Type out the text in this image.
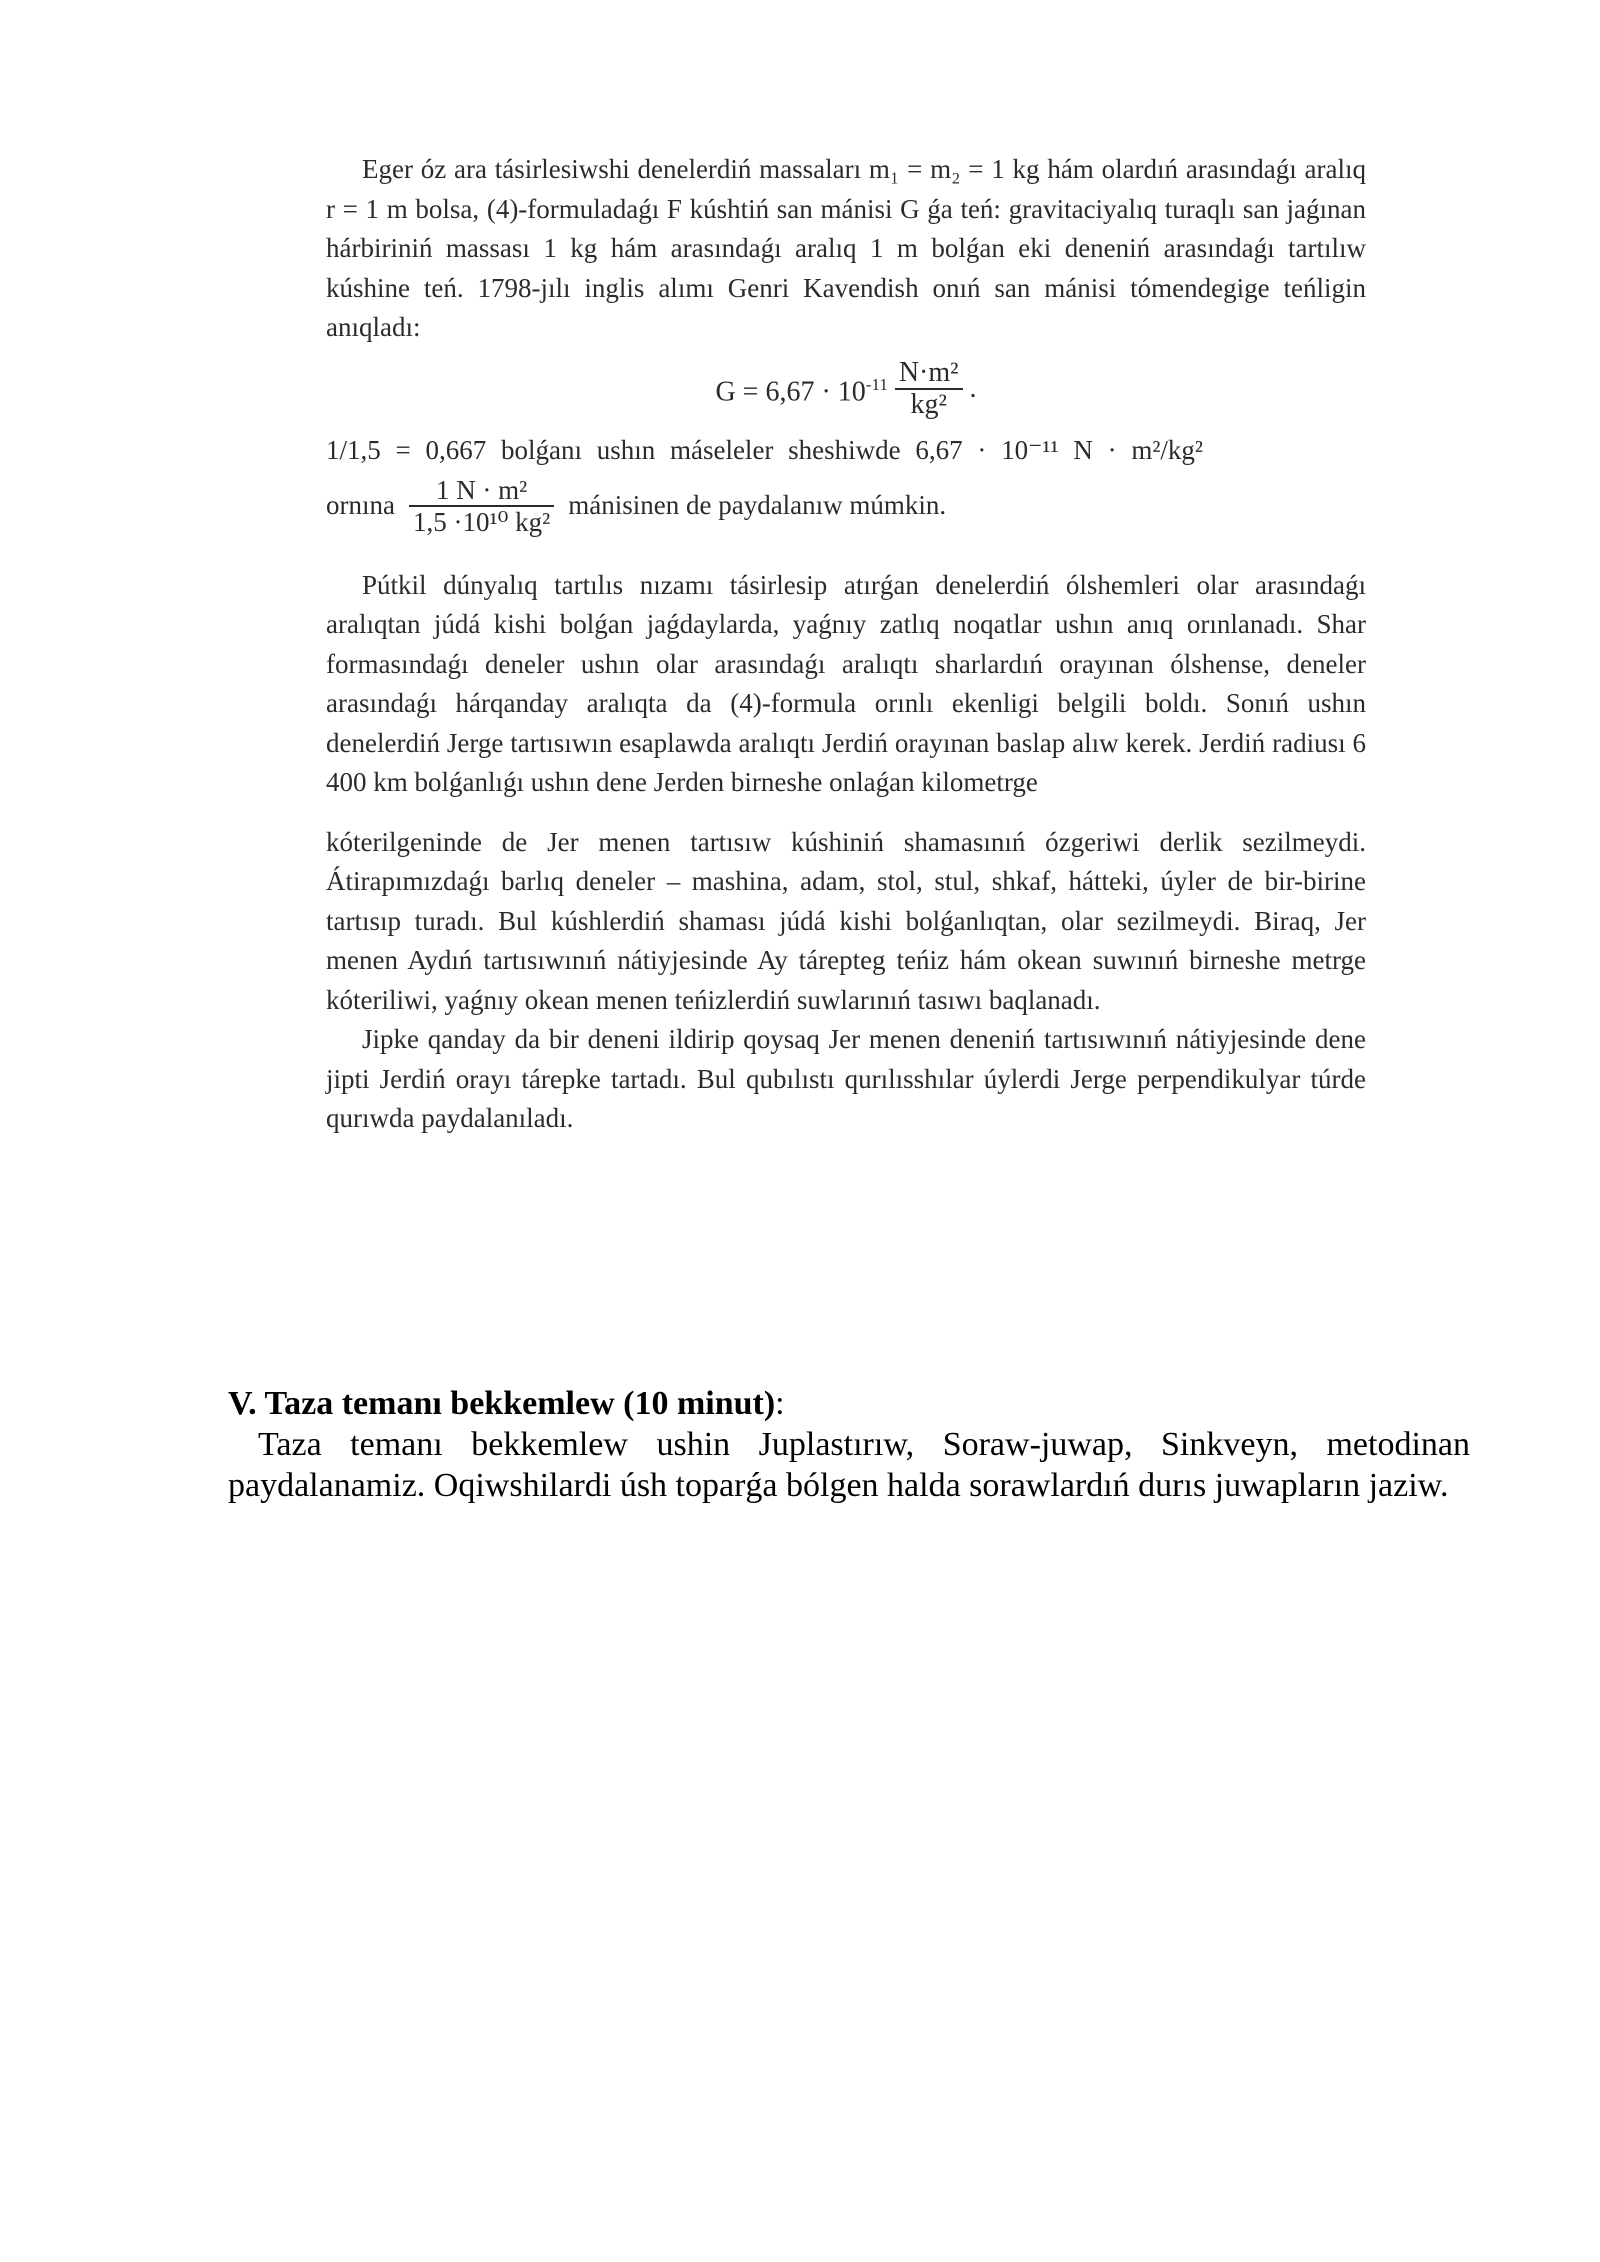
Eger óz ara tásirlesiwshi denelerdiń massaları m₁ = m₂ = 1 kg hám olardıń arasındaǵı aralıq r = 1 m bolsa, (4)-formuladaǵı F kúshtiń san mánisi G ǵa teń: gravitaciyalıq turaqlı san jaǵınan hárbiriniń massası 1 kg hám arasındaǵı aralıq 1 m bolǵan eki deneniń arasındaǵı tartılıw kúshine teń. 1798-jılı inglis alımı Genri Kavendish onıń san mánisi tómendegige teńligin anıqladı:

$G = 6,67 \cdot 10^{-11} \frac{\text{N·m²}}{\text{kg²}}$ .
1/1,5 = 0,667 bolǵanı ushın máseleler sheshiwde 6,67 · 10⁻¹¹ N · m²/kg²
ornına $\frac{\text{1 N · m²}}{\text{1,5 ·10¹⁰ kg²}}$ mánisinen de paydalanıw múmkin.

Pútkil dúnyalıq tartılıs nızamı tásirlesip atırǵan denelerdiń ólshemleri olar arasındaǵı aralıqtan júdá kishi bolǵan jaǵdaylarda, yaǵnıy zatlıq noqatlar ushın anıq orınlanadı. Shar formasındaǵı deneler ushın olar arasındaǵı aralıqtı sharlardıń orayınan ólshense, deneler arasındaǵı hárqanday aralıqta da (4)-formula orınlı ekenligi belgili boldı. Sonıń ushın denelerdiń Jerge tartısıwın esaplawda aralıqtı Jerdiń orayınan baslap alıw kerek. Jerdiń radiusı 6 400 km bolǵanlıǵı ushın dene Jerden birneshe onlaǵan kilometrge

kóterilgeninde de Jer menen tartısıw kúshiniń shamasınıń ózgeriwi derlik sezilmeydi. Átirapımızdaǵı barlıq deneler – mashina, adam, stol, stul, shkaf, hátteki, úyler de bir-birine tartısıp turadı. Bul kúshlerdiń shaması júdá kishi bolǵanlıqtan, olar sezilmeydi. Biraq, Jer menen Aydıń tartısıwınıń nátiyjesinde Ay tárepteg teńiz hám okean suwınıń birneshe metrge kóteriliwi, yaǵnıy okean menen teńizlerdiń suwlarınıń tasıwı baqlanadı.

Jipke qanday da bir deneni ildirip qoysaq Jer menen deneniń tartısıwınıń nátiyjesinde dene jipti Jerdiń orayı tárepke tartadı. Bul qubılıstı qurılısshılar úylerdi Jerge perpendikulyar túrde qurıwda paydalanıladı.

V. Taza temanı bekkemlew (10 minut):

Taza temanı bekkemlew ushin Juplastırıw, Soraw-juwap, Sinkveyn, metodinan paydalanamiz. Oqiwshilardi úsh toparǵa bólgen halda sorawlardıń durıs juwapların jaziw.
